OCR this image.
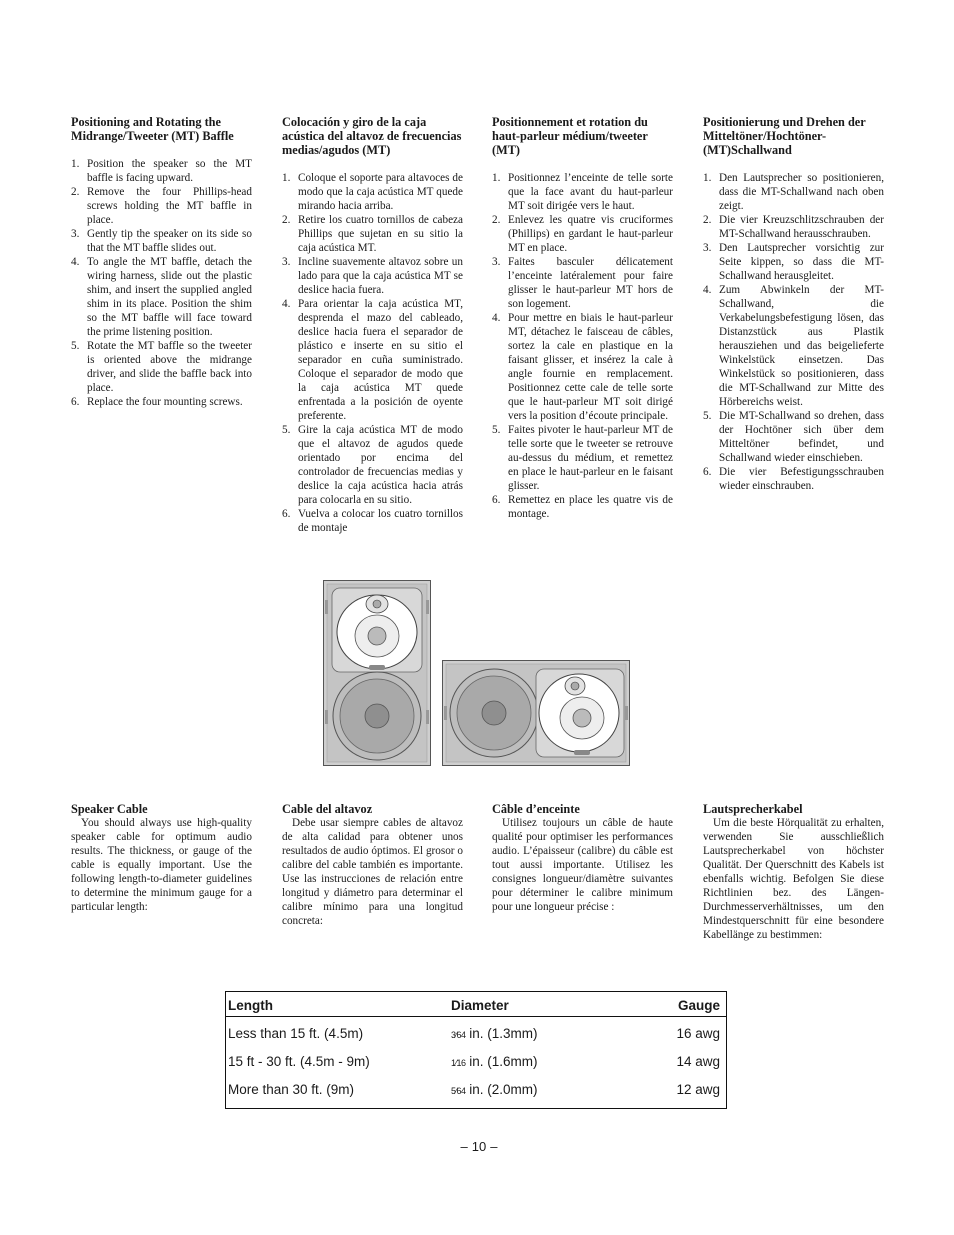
Positioning and Rotating the Midrange/Tweeter (MT) Baffle
1. Position the speaker so the MT baffle is facing upward.
2. Remove the four Phillips-head screws holding the MT baffle in place.
3. Gently tip the speaker on its side so that the MT baffle slides out.
4. To angle the MT baffle, detach the wiring harness, slide out the plastic shim, and insert the supplied angled shim in its place. Position the shim so the MT baffle will face toward the prime listening position.
5. Rotate the MT baffle so the tweeter is oriented above the midrange driver, and slide the baffle back into place.
6. Replace the four mounting screws.
Colocación y giro de la caja acústica del altavoz de frecuencias medias/agudos (MT)
1. Coloque el soporte para altavoces de modo que la caja acústica MT quede mirando hacia arriba.
2. Retire los cuatro tornillos de cabeza Phillips que sujetan en su sitio la caja acústica MT.
3. Incline suavemente altavoz sobre un lado para que la caja acústica MT se deslice hacia fuera.
4. Para orientar la caja acústica MT, desprenda el mazo del cableado, deslice hacia fuera el separador de plástico e inserte en su sitio el separador en cuña suministrado. Coloque el separador de modo que la caja acústica MT quede enfrentada a la posición de oyente preferente.
5. Gire la caja acústica MT de modo que el altavoz de agudos quede orientado por encima del controlador de frecuencias medias y deslice la caja acústica hacia atrás para colocarla en su sitio.
6. Vuelva a colocar los cuatro tornillos de montaje
Positionnement et rotation du haut-parleur médium/tweeter (MT)
1. Positionnez l’enceinte de telle sorte que la face avant du haut-parleur MT soit dirigée vers le haut.
2. Enlevez les quatre vis cruciformes (Phillips) en gardant le haut-parleur MT en place.
3. Faites basculer délicatement l’enceinte latéralement pour faire glisser le haut-parleur MT hors de son logement.
4. Pour mettre en biais le haut-parleur MT, détachez le faisceau de câbles, sortez la cale en plastique en la faisant glisser, et insérez la cale à angle fournie en remplacement. Positionnez cette cale de telle sorte que le haut-parleur MT soit dirigé vers la position d’écoute principale.
5. Faites pivoter le haut-parleur MT de telle sorte que le tweeter se retrouve au-dessus du médium, et remettez en place le haut-parleur en le faisant glisser.
6. Remettez en place les quatre vis de montage.
Positionierung und Drehen der Mitteltöner/Hochtöner-(MT)Schallwand
1. Den Lautsprecher so positionieren, dass die MT-Schallwand nach oben zeigt.
2. Die vier Kreuzschlitzschrauben der MT-Schallwand herausschrauben.
3. Den Lautsprecher vorsichtig zur Seite kippen, so dass die MT-Schallwand herausgleitet.
4. Zum Abwinkeln der MT-Schallwand, die Verkabelungsbefestigung lösen, das Distanzstück aus Plastik herausziehen und das beigelieferte Winkelstück einsetzen. Das Winkelstück so positionieren, dass die MT-Schallwand zur Mitte des Hörbereichs weist.
5. Die MT-Schallwand so drehen, dass der Hochtöner sich über dem Mitteltöner befindet, und Schallwand wieder einschieben.
6. Die vier Befestigungsschrauben wieder einschrauben.
Speaker Cable

You should always use high-quality speaker cable for optimum audio results. The thickness, or gauge of the cable is equally important. Use the following length-to-diameter guidelines to determine the minimum gauge for a particular length:

Cable del altavoz

Debe usar siempre cables de altavoz de alta calidad para obtener unos resultados de audio óptimos. El grosor o calibre del cable también es importante. Use las instrucciones de relación entre longitud y diámetro para determinar el calibre mínimo para una longitud concreta:

Câble d’enceinte

Utilisez toujours un câble de haute qualité pour optimiser les performances audio. L’épaisseur (calibre) du câble est tout aussi importante. Utilisez les consignes longueur/diamètre suivantes pour déterminer le calibre minimum pour une longueur précise :

Lautsprecherkabel

Um die beste Hörqualität zu erhalten, verwenden Sie ausschließlich Lautsprecherkabel von höchster Qualität. Der Querschnitt des Kabels ist ebenfalls wichtig. Befolgen Sie diese Richtlinien bez. des Längen-Durchmesserverhältnisses, um den Mindestquerschnitt für eine besondere Kabellänge zu bestimmen:

Length	Diameter	Gauge
Less than 15 ft. (4.5m)	3⁄64 in. (1.3mm)	16 awg
15 ft - 30 ft. (4.5m - 9m)	1⁄16 in. (1.6mm)	14 awg
More than 30 ft. (9m)	5⁄64 in. (2.0mm)	12 awg
– 10 –
